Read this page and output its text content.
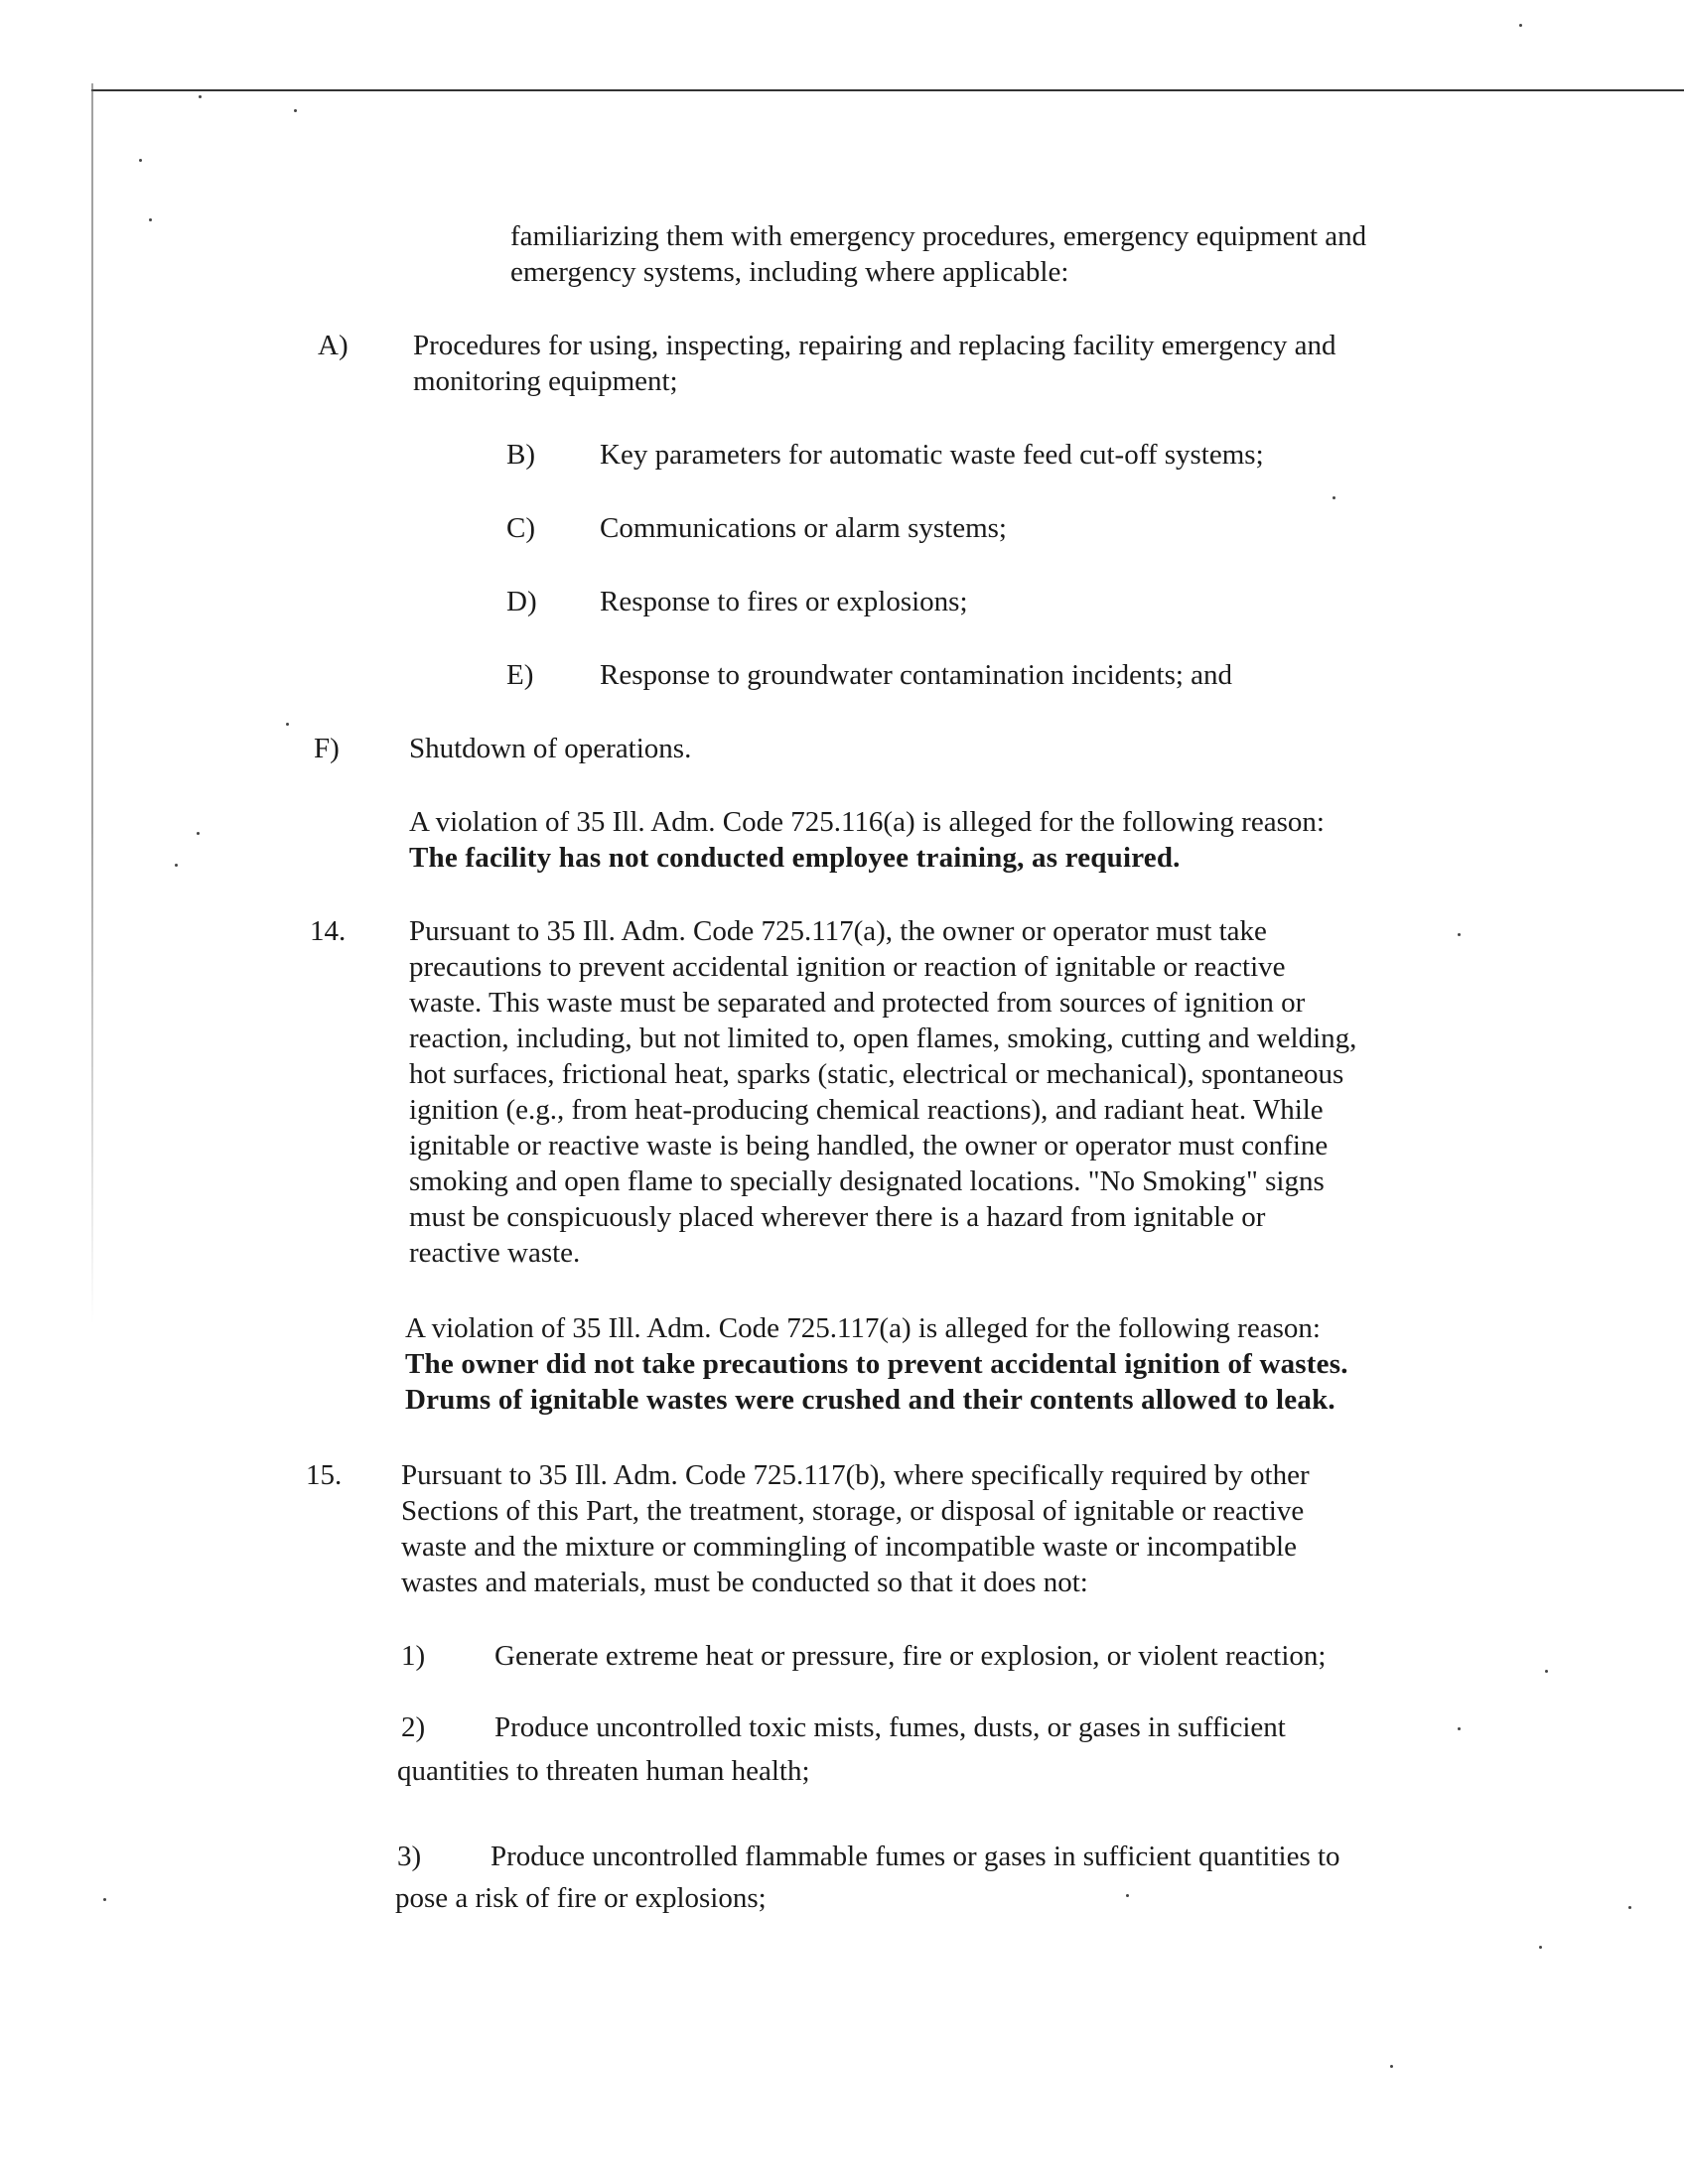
familiarizing them with emergency procedures, emergency equipment and
emergency systems, including where applicable:
A) Procedures for using, inspecting, repairing and replacing facility emergency and
monitoring equipment;
B) Key parameters for automatic waste feed cut-off systems;
C) Communications or alarm systems;
D) Response to fires or explosions;
E) Response to groundwater contamination incidents; and
F) Shutdown of operations.
A violation of 35 Ill. Adm. Code 725.116(a) is alleged for the following reason:
The facility has not conducted employee training, as required.
14. Pursuant to 35 Ill. Adm. Code 725.117(a), the owner or operator must take
precautions to prevent accidental ignition or reaction of ignitable or reactive
waste. This waste must be separated and protected from sources of ignition or
reaction, including, but not limited to, open flames, smoking, cutting and welding,
hot surfaces, frictional heat, sparks (static, electrical or mechanical), spontaneous
ignition (e.g., from heat-producing chemical reactions), and radiant heat. While
ignitable or reactive waste is being handled, the owner or operator must confine
smoking and open flame to specially designated locations. "No Smoking" signs
must be conspicuously placed wherever there is a hazard from ignitable or
reactive waste.
A violation of 35 Ill. Adm. Code 725.117(a) is alleged for the following reason:
The owner did not take precautions to prevent accidental ignition of wastes.
Drums of ignitable wastes were crushed and their contents allowed to leak.
15. Pursuant to 35 Ill. Adm. Code 725.117(b), where specifically required by other
Sections of this Part, the treatment, storage, or disposal of ignitable or reactive
waste and the mixture or commingling of incompatible waste or incompatible
wastes and materials, must be conducted so that it does not:
1) Generate extreme heat or pressure, fire or explosion, or violent reaction;
2) Produce uncontrolled toxic mists, fumes, dusts, or gases in sufficient
quantities to threaten human health;
3) Produce uncontrolled flammable fumes or gases in sufficient quantities to
pose a risk of fire or explosions;
